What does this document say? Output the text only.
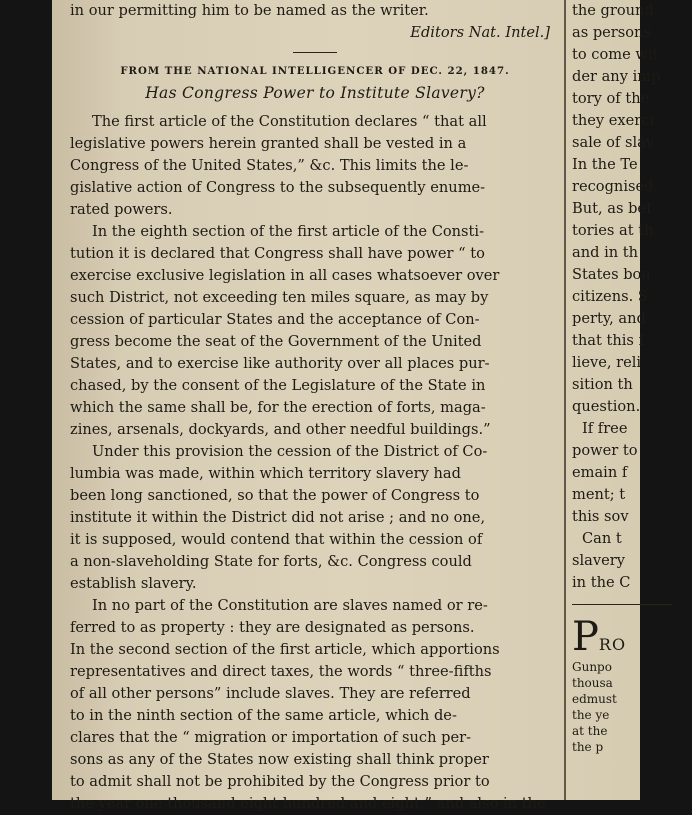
in our permitting him to be named as the writer.
Editors Nat. Intel.]
FROM THE NATIONAL INTELLIGENCER OF DEC. 22, 1847.
Has Congress Power to Institute Slavery?
The first article of the Constitution declares “ that all
legislative powers herein granted shall be vested in a
Congress of the United States,” &c. This limits the le-
gislative action of Congress to the subsequently enume-
rated powers.
In the eighth section of the first article of the Consti-
tution it is declared that Congress shall have power “ to
exercise exclusive legislation in all cases whatsoever over
such District, not exceeding ten miles square, as may by
cession of particular States and the acceptance of Con-
gress become the seat of the Government of the United
States, and to exercise like authority over all places pur-
chased, by the consent of the Legislature of the State in
which the same shall be, for the erection of forts, maga-
zines, arsenals, dockyards, and other needful buildings.”
Under this provision the cession of the District of Co-
lumbia was made, within which territory slavery had
been long sanctioned, so that the power of Congress to
institute it within the District did not arise ; and no one,
it is supposed, would contend that within the cession of
a non-slaveholding State for forts, &c. Congress could
establish slavery.
In no part of the Constitution are slaves named or re-
ferred to as property : they are designated as persons.
In the second section of the first article, which apportions
representatives and direct taxes, the words “ three-fifths
of all other persons” include slaves. They are referred
to in the ninth section of the same article, which de-
clares that the “ migration or importation of such per-
sons as any of the States now existing shall think proper
to admit shall not be prohibited by the Congress prior to
the year one thousand eight hundred and eight,” and also in the
the ground
as persons
to come wit
der any imp
tory of the
they exerci
sale of slav
In the Te
recognised,
But, as bef
tories at th
and in th
States bou
citizens. S
perty, and
that this f
lieve, reli
sition th
question.
If free
power to
emain f
ment; t
this sov
Can t
slavery
in the C
PRO
Gunpo
thousa
edmust
the ye
at the
the p
